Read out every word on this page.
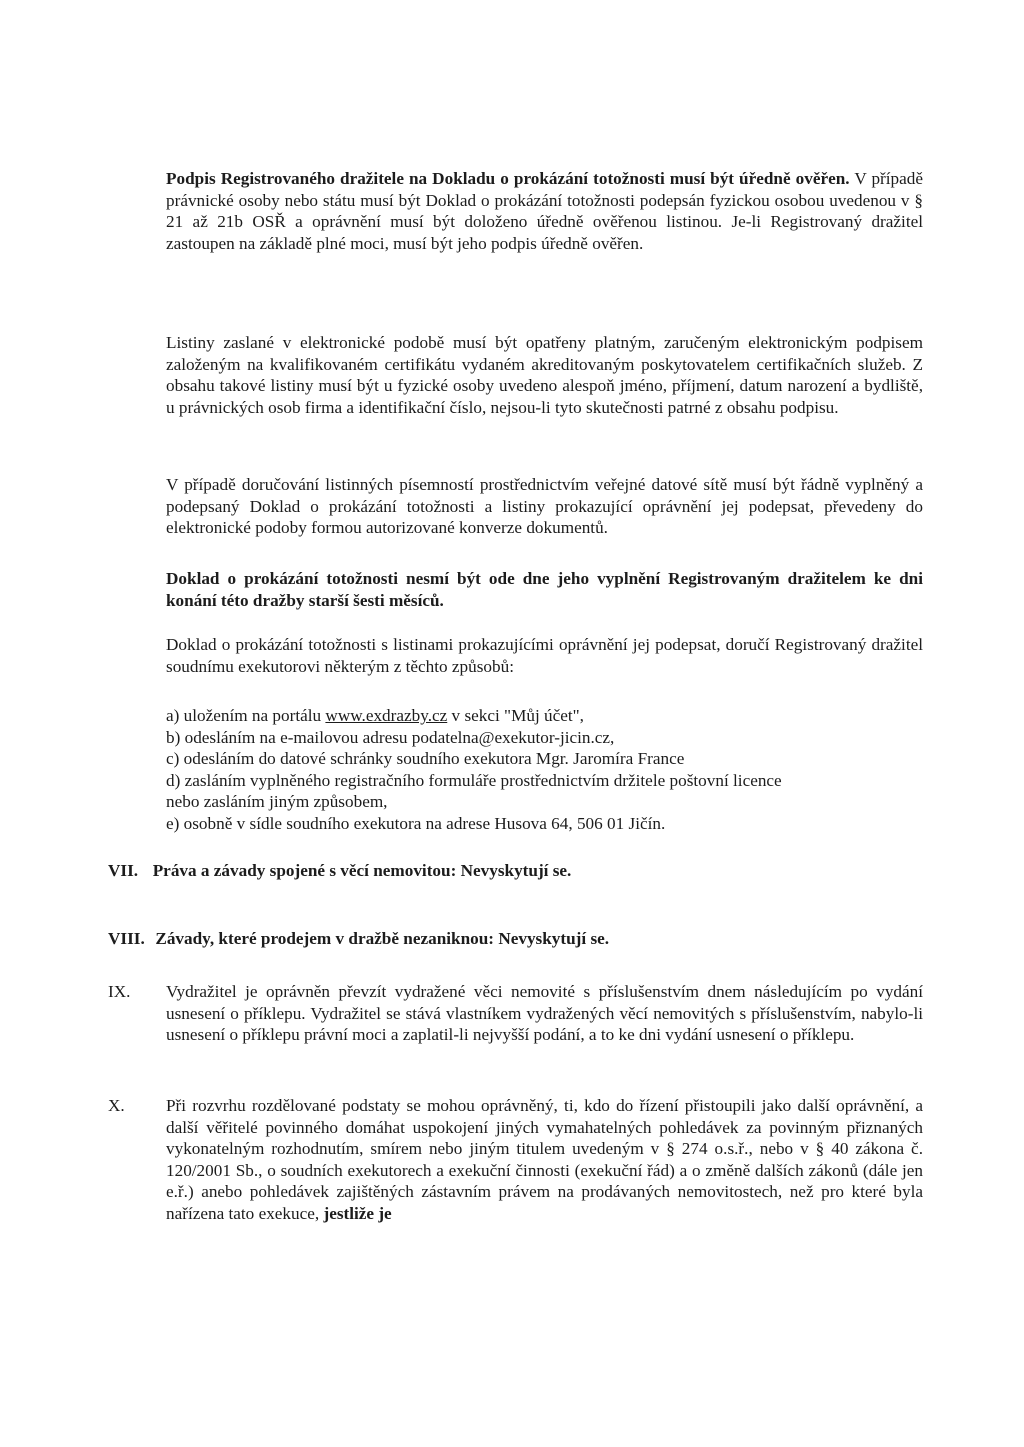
Podpis Registrovaného dražitele na Dokladu o prokázání totožnosti musí být úředně ověřen. V případě právnické osoby nebo státu musí být Doklad o prokázání totožnosti podepsán fyzickou osobou uvedenou v § 21 až 21b OSŘ a oprávnění musí být doloženo úředně ověřenou listinou. Je-li Registrovaný dražitel zastoupen na základě plné moci, musí být jeho podpis úředně ověřen.

Listiny zaslané v elektronické podobě musí být opatřeny platným, zaručeným elektronickým podpisem založeným na kvalifikovaném certifikátu vydaném akreditovaným poskytovatelem certifikačních služeb. Z obsahu takové listiny musí být u fyzické osoby uvedeno alespoň jméno, příjmení, datum narození a bydliště, u právnických osob firma a identifikační číslo, nejsou-li tyto skutečnosti patrné z obsahu podpisu.

V případě doručování listinných písemností prostřednictvím veřejné datové sítě musí být řádně vyplněný a podepsaný Doklad o prokázání totožnosti a listiny prokazující oprávnění jej podepsat, převedeny do elektronické podoby formou autorizované konverze dokumentů.

Doklad o prokázání totožnosti nesmí být ode dne jeho vyplnění Registrovaným dražitelem ke dni konání této dražby starší šesti měsíců.

Doklad o prokázání totožnosti s listinami prokazujícími oprávnění jej podepsat, doručí Registrovaný dražitel soudnímu exekutorovi některým z těchto způsobů:

a) uložením na portálu www.exdrazby.cz v sekci "Můj účet",
b) odesláním na e-mailovou adresu podatelna@exekutor-jicin.cz,
c) odesláním do datové schránky soudního exekutora Mgr. Jaromíra France
d) zasláním vyplněného registračního formuláře prostřednictvím držitele poštovní licence
nebo zasláním jiným způsobem,
e) osobně v sídle soudního exekutora na adrese Husova 64, 506 01 Jičín.
VII. Práva a závady spojené s věcí nemovitou: Nevyskytují se.
VIII. Závady, které prodejem v dražbě nezaniknou: Nevyskytují se.
IX. Vydražitel je oprávněn převzít vydražené věci nemovité s příslušenstvím dnem následujícím po vydání usnesení o příklepu. Vydražitel se stává vlastníkem vydražených věcí nemovitých s příslušenstvím, nabylo-li usnesení o příklepu právní moci a zaplatil-li nejvyšší podání, a to ke dni vydání usnesení o příklepu.
X. Při rozvrhu rozdělované podstaty se mohou oprávněný, ti, kdo do řízení přistoupili jako další oprávnění, a další věřitelé povinného domáhat uspokojení jiných vymahatelných pohledávek za povinným přiznaných vykonatelným rozhodnutím, smírem nebo jiným titulem uvedeným v § 274 o.s.ř., nebo v § 40 zákona č. 120/2001 Sb., o soudních exekutorech a exekuční činnosti (exekuční řád) a o změně dalších zákonů (dále jen e.ř.) anebo pohledávek zajištěných zástavním právem na prodávaných nemovitostech, než pro které byla nařízena tato exekuce, jestliže je
